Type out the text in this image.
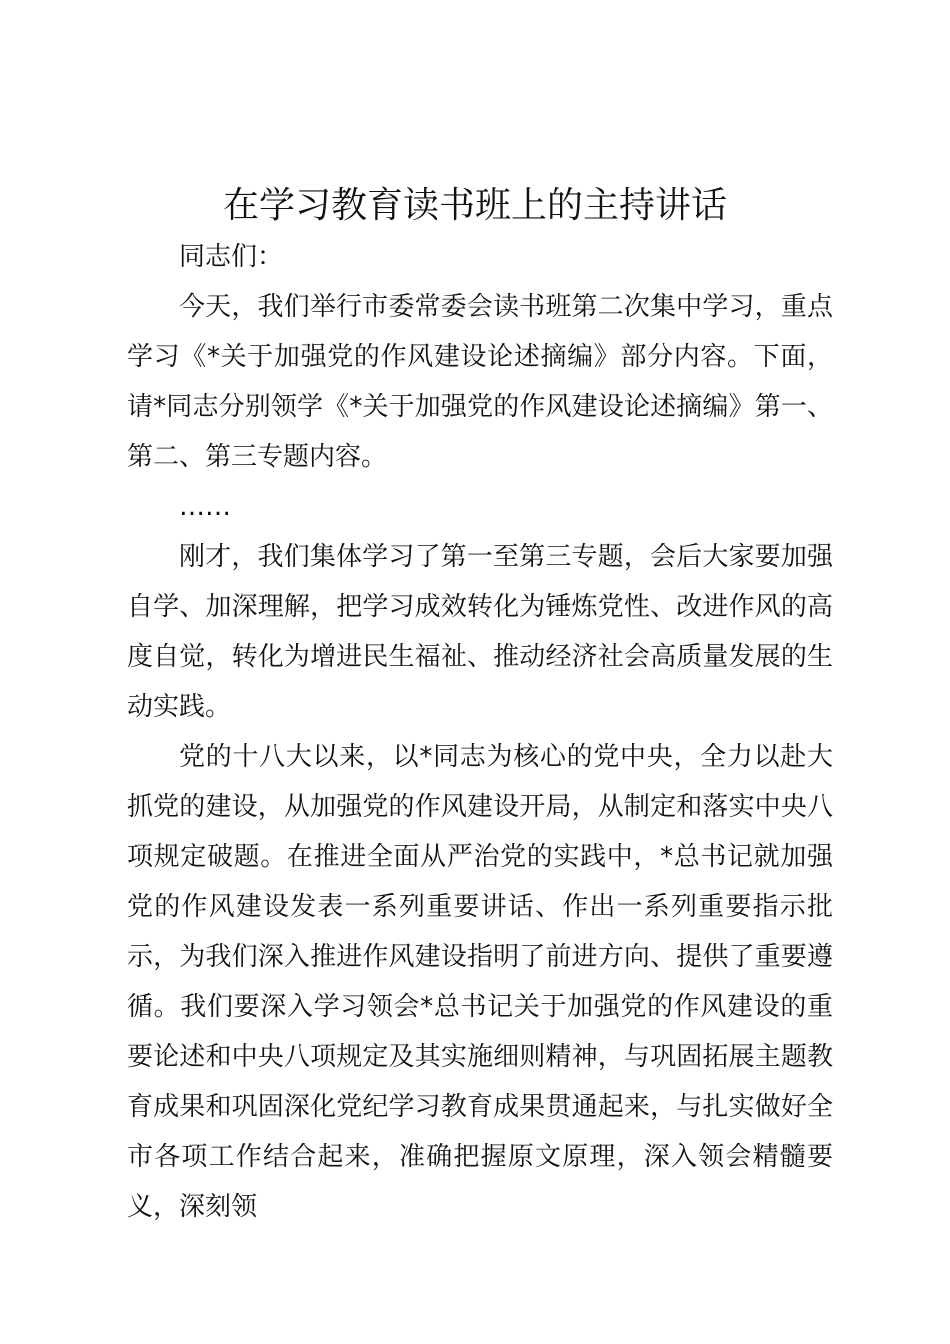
在学习教育读书班上的主持讲话

同志们：

今天，我们举行市委常委会读书班第二次集中学习，重点学习《*关于加强党的作风建设论述摘编》部分内容。下面，请*同志分别领学《*关于加强党的作风建设论述摘编》第一、第二、第三专题内容。

……

刚才，我们集体学习了第一至第三专题，会后大家要加强自学、加深理解，把学习成效转化为锤炼党性、改进作风的高度自觉，转化为增进民生福祉、推动经济社会高质量发展的生动实践。

党的十八大以来，以*同志为核心的党中央，全力以赴大抓党的建设，从加强党的作风建设开局，从制定和落实中央八项规定破题。在推进全面从严治党的实践中，*总书记就加强党的作风建设发表一系列重要讲话、作出一系列重要指示批示，为我们深入推进作风建设指明了前进方向、提供了重要遵循。我们要深入学习领会*总书记关于加强党的作风建设的重要论述和中央八项规定及其实施细则精神，与巩固拓展主题教育成果和巩固深化党纪学习教育成果贯通起来，与扎实做好全市各项工作结合起来，准确把握原文原理，深入领会精髓要义，深刻领
